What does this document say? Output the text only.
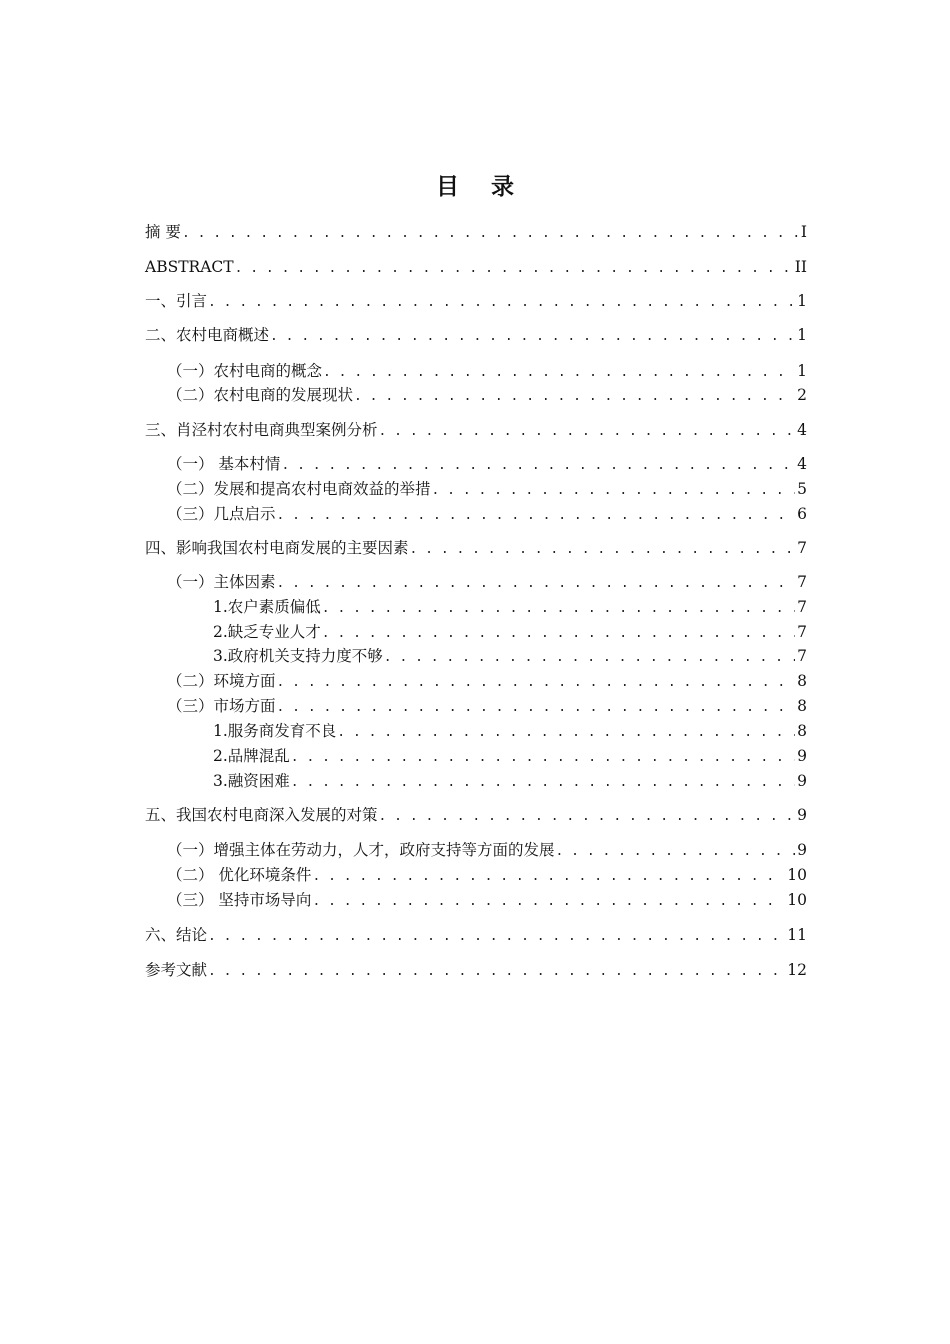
目 录
摘 要 . . .	I
ABSTRACT . . .	II
一、引言 . . .	1
二、农村电商概述 . . .	1
（一）农村电商的概念 . . .	1
（二）农村电商的发展现状 . . .	2
三、肖泾村农村电商典型案例分析 . . .	4
（一） 基本村情 . . .	4
（二）发展和提高农村电商效益的举措 . . .	5
（三）几点启示 . . .	6
四、影响我国农村电商发展的主要因素 . . .	7
（一）主体因素 . . .	7
1.农户素质偏低 . . .	7
2.缺乏专业人才 . . .	7
3.政府机关支持力度不够 . . .	7
（二）环境方面 . . .	8
（三）市场方面 . . .	8
1.服务商发育不良 . . .	8
2.品牌混乱 . . .	9
3.融资困难 . . .	9
五、我国农村电商深入发展的对策 . . .	9
（一）增强主体在劳动力，人才，政府支持等方面的发展 . . .	9
（二） 优化环境条件 . . .	10
（三） 坚持市场导向 . . .	10
六、结论 . . .	11
参考文献 . . .	12
